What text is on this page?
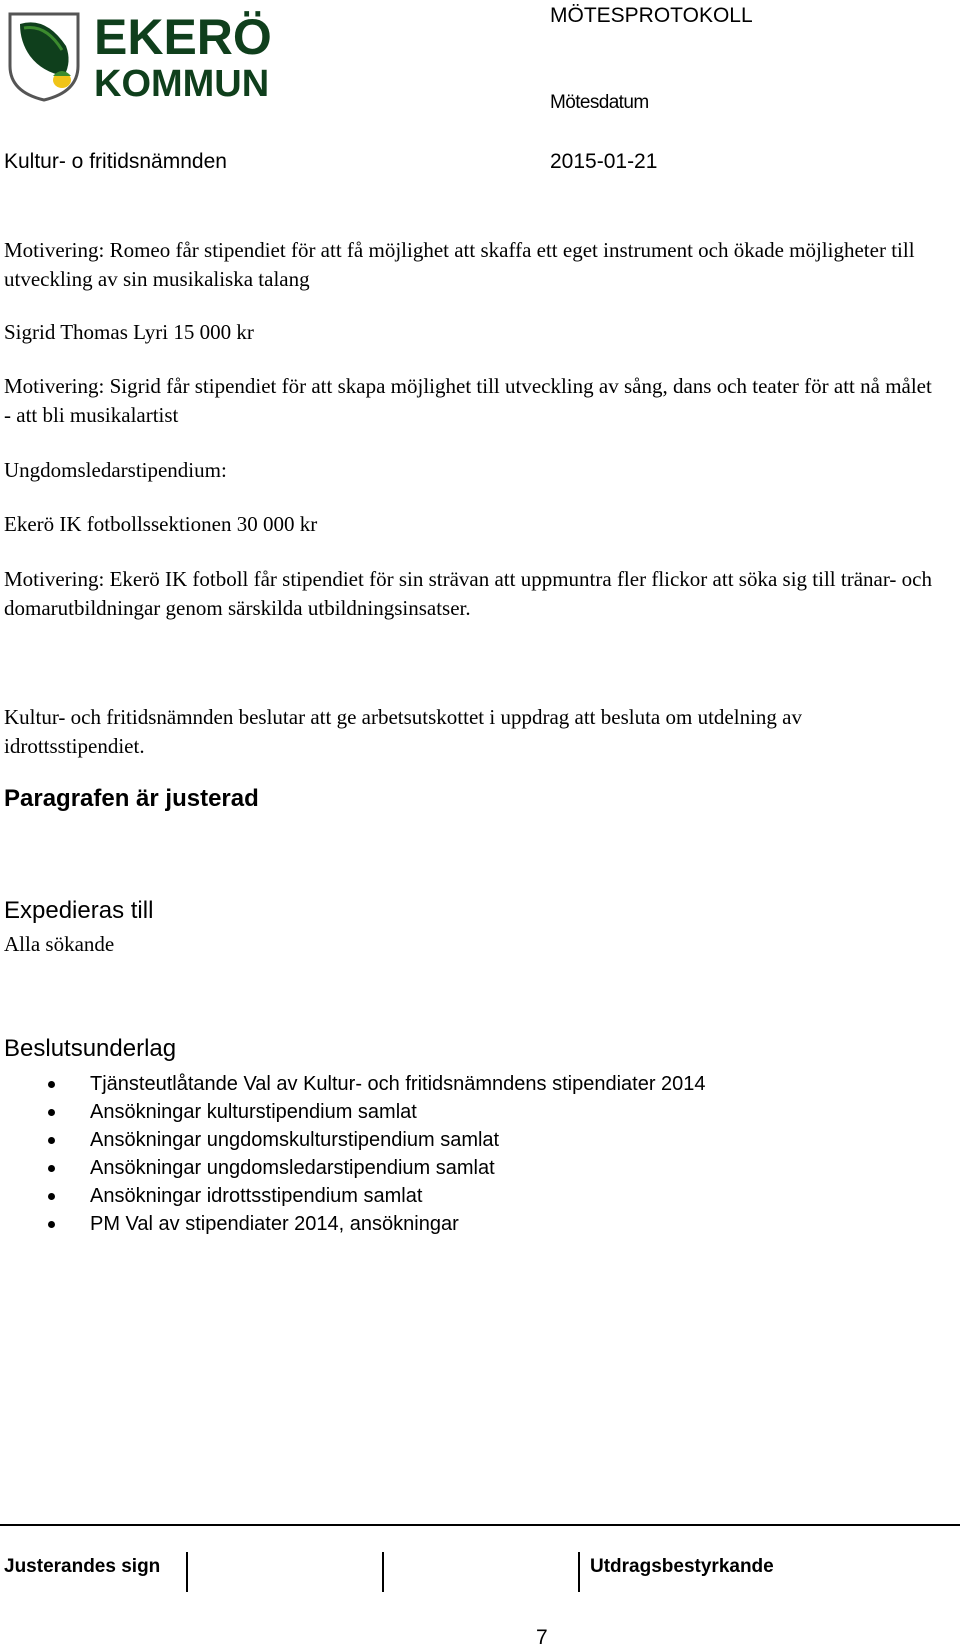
EKERÖ
KOMMUN
MÖTESPROTOKOLL
Mötesdatum
Kultur- o fritidsnämnden	2015-01-21
Motivering: Romeo får stipendiet för att få möjlighet att skaffa ett eget instrument och ökade möjligheter till utveckling av sin musikaliska talang
Sigrid Thomas Lyri 15 000 kr
Motivering: Sigrid får stipendiet för att skapa möjlighet till utveckling av sång, dans och teater för att nå målet - att bli musikalartist
Ungdomsledarstipendium:
Ekerö IK fotbollssektionen 30 000 kr
Motivering: Ekerö IK fotboll får stipendiet för sin strävan att uppmuntra fler flickor att söka sig till tränar- och domarutbildningar genom särskilda utbildningsinsatser.
Kultur- och fritidsnämnden beslutar att ge arbetsutskottet i uppdrag att besluta om utdelning av idrottsstipendiet.
Paragrafen är justerad
Expedieras till
Alla sökande
Beslutsunderlag
Tjänsteutlåtande Val av Kultur- och fritidsnämndens stipendiater 2014
Ansökningar kulturstipendium samlat
Ansökningar ungdomskulturstipendium samlat
Ansökningar ungdomsledarstipendium samlat
Ansökningar idrottsstipendium samlat
PM Val av stipendiater 2014, ansökningar
Justerandes sign	Utdragsbestyrkande
7
